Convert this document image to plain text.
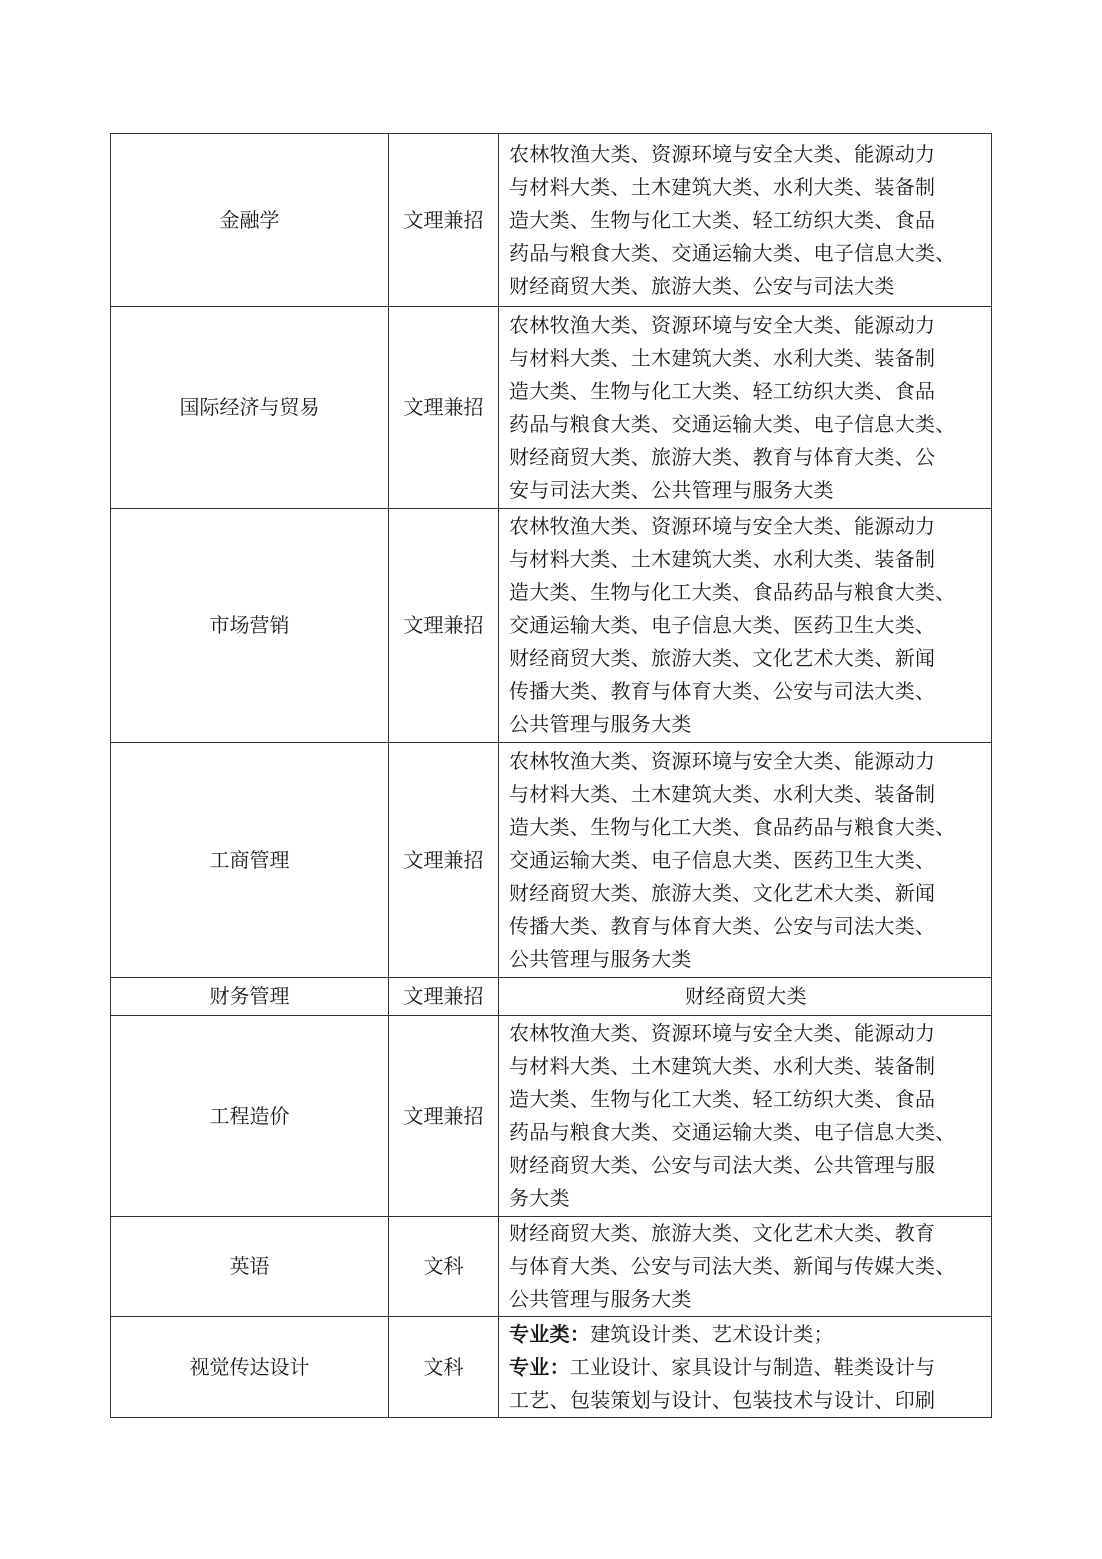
金融学	文理兼招	农林牧渔大类、资源环境与安全大类、能源动力
与材料大类、土木建筑大类、水利大类、装备制
造大类、生物与化工大类、轻工纺织大类、食品
药品与粮食大类、交通运输大类、电子信息大类、
财经商贸大类、旅游大类、公安与司法大类

国际经济与贸易	文理兼招	
农林牧渔大类、资源环境与安全大类、能源动力
与材料大类、土木建筑大类、水利大类、装备制
造大类、生物与化工大类、轻工纺织大类、食品
药品与粮食大类、交通运输大类、电子信息大类、
财经商贸大类、旅游大类、教育与体育大类、公
安与司法大类、公共管理与服务大类

市场营销	文理兼招	
农林牧渔大类、资源环境与安全大类、能源动力
与材料大类、土木建筑大类、水利大类、装备制
造大类、生物与化工大类、食品药品与粮食大类、
交通运输大类、电子信息大类、医药卫生大类、
财经商贸大类、旅游大类、文化艺术大类、新闻
传播大类、教育与体育大类、公安与司法大类、
公共管理与服务大类

工商管理	文理兼招	
农林牧渔大类、资源环境与安全大类、能源动力
与材料大类、土木建筑大类、水利大类、装备制
造大类、生物与化工大类、食品药品与粮食大类、
交通运输大类、电子信息大类、医药卫生大类、
财经商贸大类、旅游大类、文化艺术大类、新闻
传播大类、教育与体育大类、公安与司法大类、
公共管理与服务大类

财务管理	文理兼招	财经商贸大类

工程造价	文理兼招	
农林牧渔大类、资源环境与安全大类、能源动力
与材料大类、土木建筑大类、水利大类、装备制
造大类、生物与化工大类、轻工纺织大类、食品
药品与粮食大类、交通运输大类、电子信息大类、
财经商贸大类、公安与司法大类、公共管理与服
务大类

英语	文科	财经商贸大类、旅游大类、文化艺术大类、教育
与体育大类、公安与司法大类、新闻与传媒大类、
公共管理与服务大类

视觉传达设计	文科	专业类：建筑设计类、艺术设计类；
专业：工业设计、家具设计与制造、鞋类设计与
工艺、包装策划与设计、包装技术与设计、印刷
